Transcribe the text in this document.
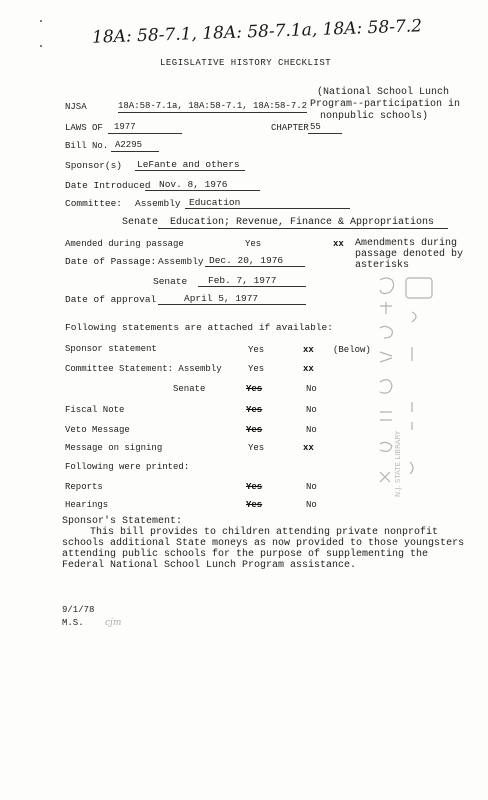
18A: 58-7.1, 18A: 58-7.1a, 18A: 58-7.2
LEGISLATIVE HISTORY CHECKLIST
NJSA	18A:58-7.1a, 18A:58-7.1, 18A:58-7.2
(National School Lunch
Program--participation in
nonpublic schools)
LAWS OF	1977	CHAPTER 55
Bill No. A2295
Sponsor(s) LeFante and others
Date Introduced Nov. 8, 1976
Committee: Assembly Education
Senate	Education; Revenue, Finance & Appropriations
Amended during passage	Yes	xx Amendments during
passage denoted by
asterisks
Date of Passage: Assembly Dec. 20, 1976
Senate	Feb. 7, 1977
Date of approval	April 5, 1977
Following statements are attached if available:
Sponsor statement	Yes	xx (Below)
Committee Statement: Assembly	Yes	xx
Senate	Yes	No
Fiscal Note	Yes	No
Veto Message	Yes	No
Message on signing	Yes	xx
Following were printed:
Reports	Yes	No
Hearings	Yes	No
Sponsor's Statement:
This bill provides to children attending private nonprofit
schools additional State moneys as now provided to those youngsters
attending public schools for the purpose of supplementing the
Federal National School Lunch Program assistance.
9/1/78
M.S. cjm
N.J. STATE LIBRARY
